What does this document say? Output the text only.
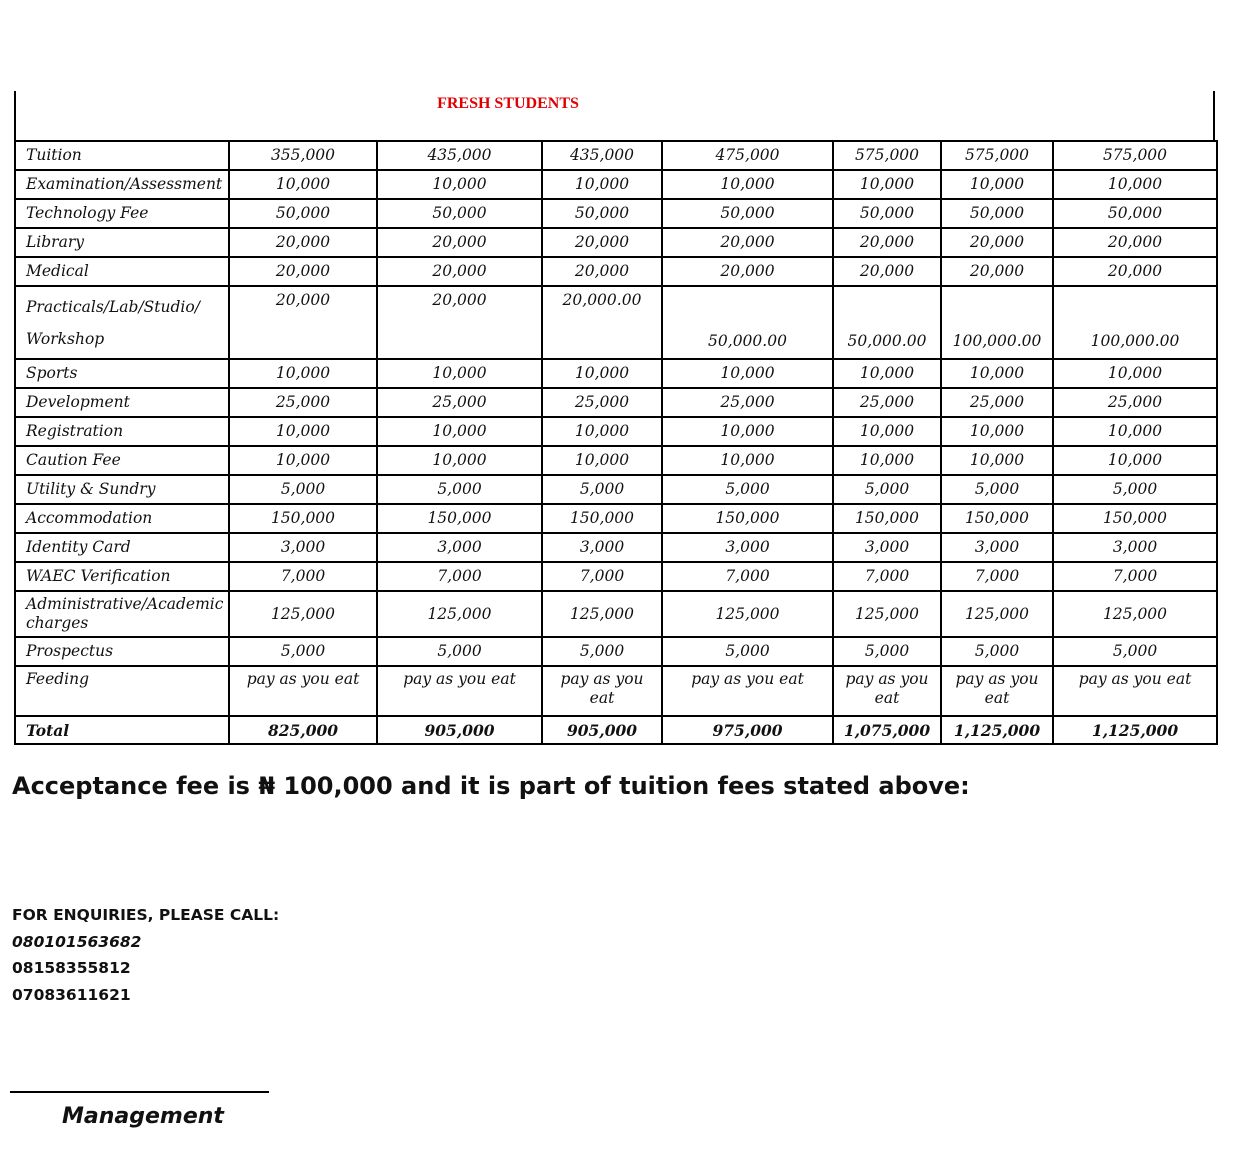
FRESH STUDENTS
Tuition	355,000	435,000	435,000	475,000	575,000	575,000	575,000
Examination/Assessment	10,000	10,000	10,000	10,000	10,000	10,000	10,000
Technology Fee	50,000	50,000	50,000	50,000	50,000	50,000	50,000
Library	20,000	20,000	20,000	20,000	20,000	20,000	20,000
Medical	20,000	20,000	20,000	20,000	20,000	20,000	20,000
Practicals/Lab/Studio/ Workshop	20,000	20,000	20,000.00	50,000.00	50,000.00	100,000.00	100,000.00
Sports	10,000	10,000	10,000	10,000	10,000	10,000	10,000
Development	25,000	25,000	25,000	25,000	25,000	25,000	25,000
Registration	10,000	10,000	10,000	10,000	10,000	10,000	10,000
Caution Fee	10,000	10,000	10,000	10,000	10,000	10,000	10,000
Utility & Sundry	5,000	5,000	5,000	5,000	5,000	5,000	5,000
Accommodation	150,000	150,000	150,000	150,000	150,000	150,000	150,000
Identity Card	3,000	3,000	3,000	3,000	3,000	3,000	3,000
WAEC Verification	7,000	7,000	7,000	7,000	7,000	7,000	7,000
Administrative/Academic charges	125,000	125,000	125,000	125,000	125,000	125,000	125,000
Prospectus	5,000	5,000	5,000	5,000	5,000	5,000	5,000
Feeding	pay as you eat	pay as you eat	pay as you eat	pay as you eat	pay as you eat	pay as you eat	pay as you eat
Total	825,000	905,000	905,000	975,000	1,075,000	1,125,000	1,125,000
Acceptance fee is ₦ 100,000 and it is part of tuition fees stated above:
FOR ENQUIRIES, PLEASE CALL:
080101563682
08158355812
07083611621
Management
